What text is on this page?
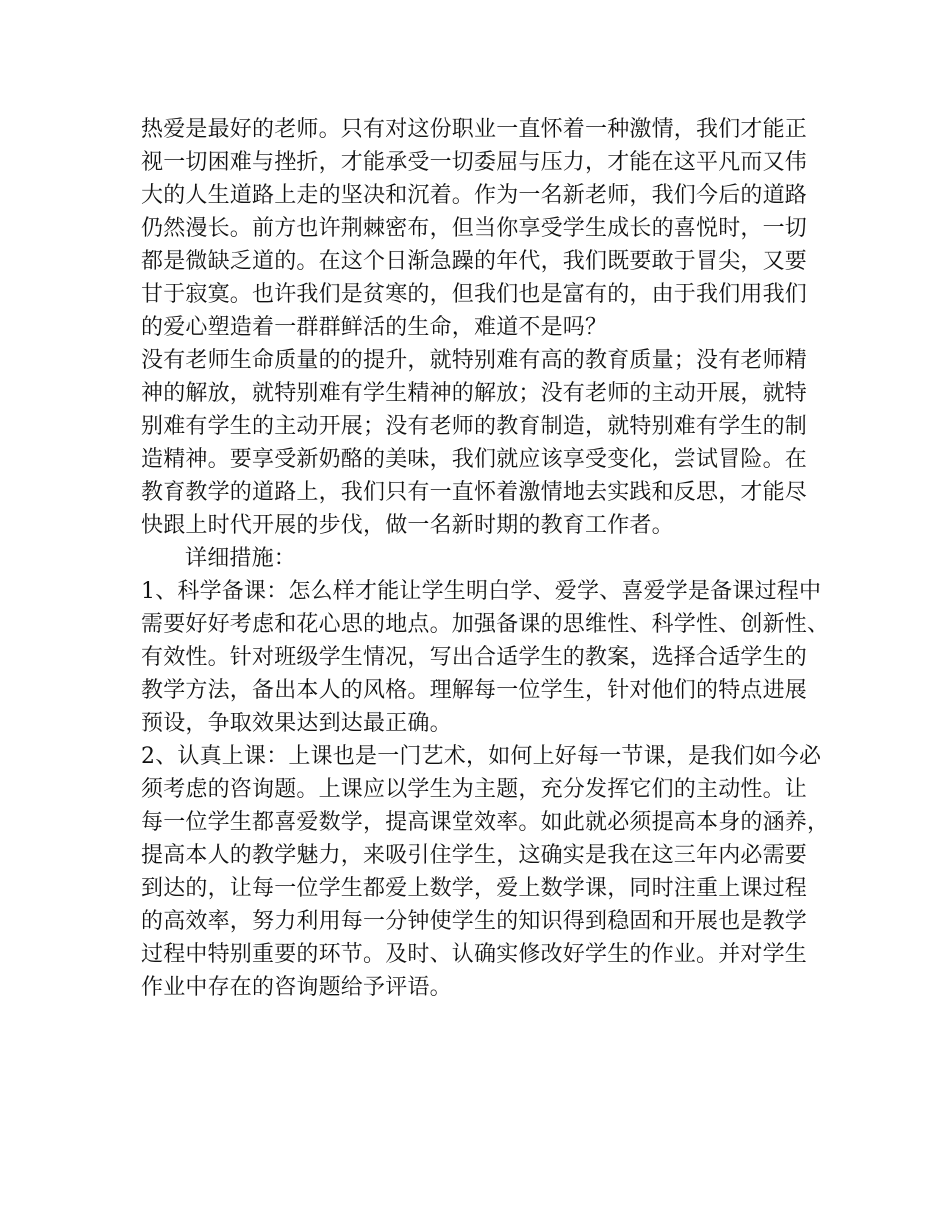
热爱是最好的老师。只有对这份职业一直怀着一种激情，我们才能正
视一切困难与挫折，才能承受一切委屈与压力，才能在这平凡而又伟
大的人生道路上走的坚决和沉着。作为一名新老师，我们今后的道路
仍然漫长。前方也许荆棘密布，但当你享受学生成长的喜悦时，一切
都是微缺乏道的。在这个日渐急躁的年代，我们既要敢于冒尖，又要
甘于寂寞。也许我们是贫寒的，但我们也是富有的，由于我们用我们
的爱心塑造着一群群鲜活的生命，难道不是吗？
没有老师生命质量的的提升，就特别难有高的教育质量；没有老师精
神的解放，就特别难有学生精神的解放；没有老师的主动开展，就特
别难有学生的主动开展；没有老师的教育制造，就特别难有学生的制
造精神。要享受新奶酪的美味，我们就应该享受变化，尝试冒险。在
教育教学的道路上，我们只有一直怀着激情地去实践和反思，才能尽
快跟上时代开展的步伐，做一名新时期的教育工作者。
详细措施：
1、科学备课：怎么样才能让学生明白学、爱学、喜爱学是备课过程中
需要好好考虑和花心思的地点。加强备课的思维性、科学性、创新性、
有效性。针对班级学生情况，写出合适学生的教案，选择合适学生的
教学方法，备出本人的风格。理解每一位学生，针对他们的特点进展
预设，争取效果达到达最正确。
2、认真上课：上课也是一门艺术，如何上好每一节课，是我们如今必
须考虑的咨询题。上课应以学生为主题，充分发挥它们的主动性。让
每一位学生都喜爱数学，提高课堂效率。如此就必须提高本身的涵养，
提高本人的教学魅力，来吸引住学生，这确实是我在这三年内必需要
到达的，让每一位学生都爱上数学，爱上数学课，同时注重上课过程
的高效率，努力利用每一分钟使学生的知识得到稳固和开展也是教学
过程中特别重要的环节。及时、认确实修改好学生的作业。并对学生
作业中存在的咨询题给予评语。
